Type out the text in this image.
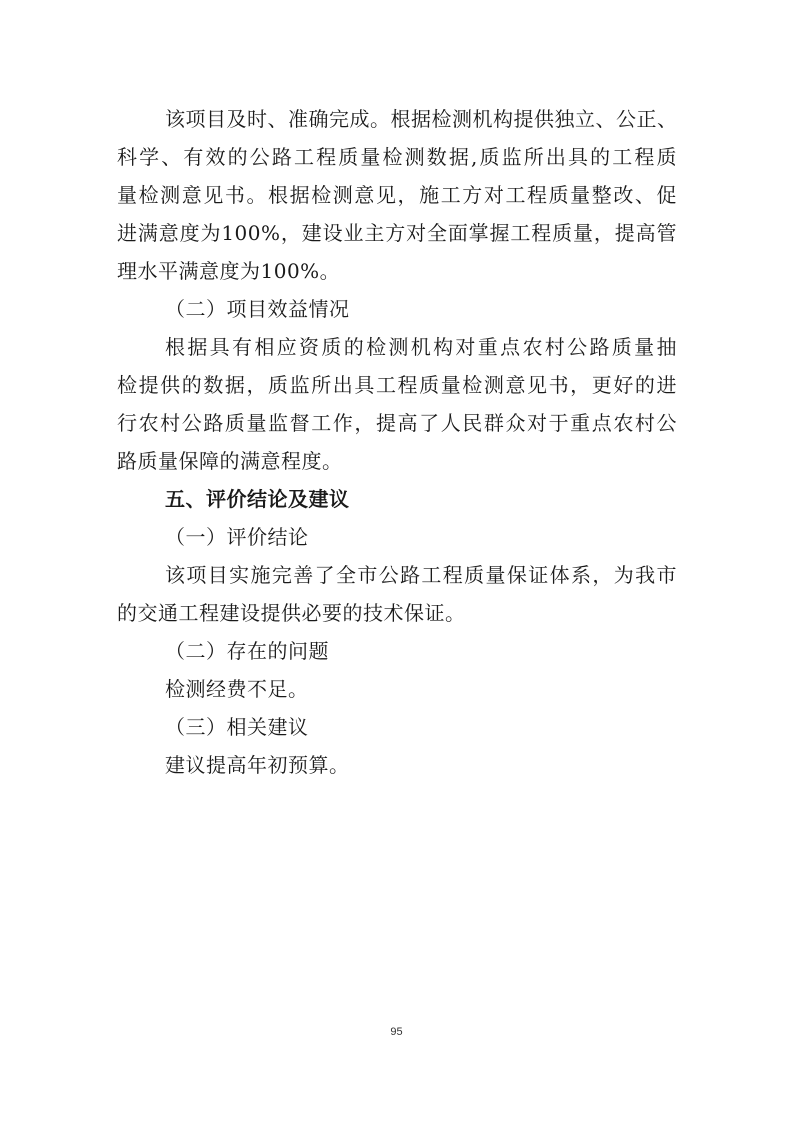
该项目及时、准确完成。根据检测机构提供独立、公正、
科学、有效的公路工程质量检测数据,质监所出具的工程质
量检测意见书。根据检测意见，施工方对工程质量整改、促
进满意度为100%，建设业主方对全面掌握工程质量，提高管
理水平满意度为100%。
（二）项目效益情况
根据具有相应资质的检测机构对重点农村公路质量抽
检提供的数据，质监所出具工程质量检测意见书，更好的进
行农村公路质量监督工作，提高了人民群众对于重点农村公
路质量保障的满意程度。
五、评价结论及建议
（一）评价结论
该项目实施完善了全市公路工程质量保证体系，为我市
的交通工程建设提供必要的技术保证。
（二）存在的问题
检测经费不足。
（三）相关建议
建议提高年初预算。
95
